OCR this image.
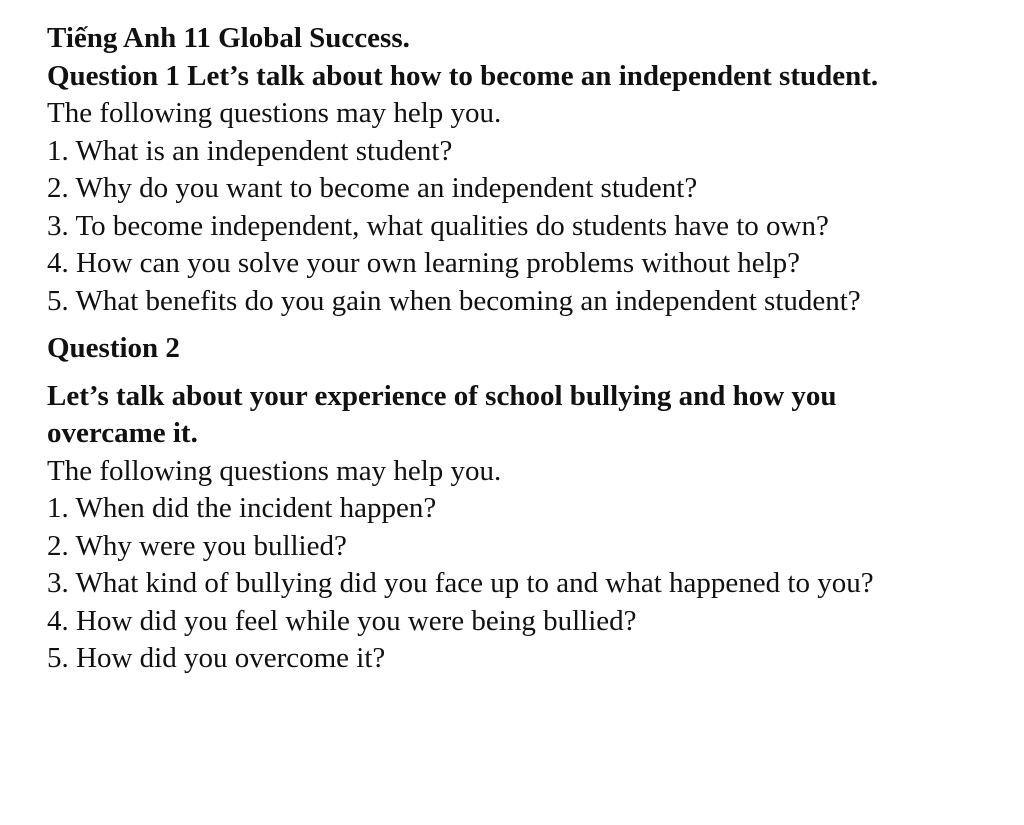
Tiếng Anh 11 Global Success.
Question 1 Let’s talk about how to become an independent student.
The following questions may help you.
1. What is an independent student?
2. Why do you want to become an independent student?
3. To become independent, what qualities do students have to own?
4. How can you solve your own learning problems without help?
5. What benefits do you gain when becoming an independent student?
Question 2
Let’s talk about your experience of school bullying and how you
overcame it.
The following questions may help you.
1. When did the incident happen?
2. Why were you bullied?
3. What kind of bullying did you face up to and what happened to you?
4. How did you feel while you were being bullied?
5. How did you overcome it?
